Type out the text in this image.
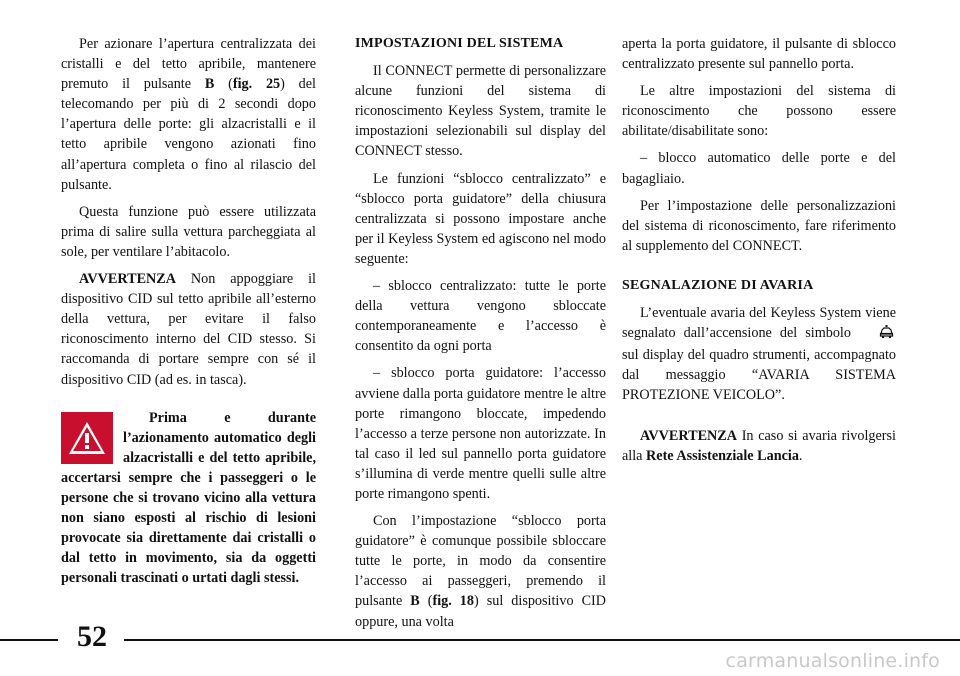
Per azionare l’apertura centralizzata dei cristalli e del tetto apribile, mantenere premuto il pulsante B (fig. 25) del telecomando per più di 2 secondi dopo l’apertura delle porte: gli alzacristalli e il tetto apribile vengono azionati fino all’apertura completa o fino al rilascio del pulsante.

Questa funzione può essere utilizzata prima di salire sulla vettura parcheggiata al sole, per ventilare l’abitacolo.

AVVERTENZA Non appoggiare il dispositivo CID sul tetto apribile all’esterno della vettura, per evitare il falso riconoscimento interno del CID stesso. Si raccomanda di portare sempre con sé il dispositivo CID (ad es. in tasca).

Prima e durante l’azionamento automatico degli alzacristalli e del tetto apribile, accertarsi sempre che i passeggeri o le persone che si trovano vicino alla vettura non siano esposti al rischio di lesioni provocate sia direttamente dai cristalli o dal tetto in movimento, sia da oggetti personali trascinati o urtati dagli stessi.

IMPOSTAZIONI DEL SISTEMA

Il CONNECT permette di personalizzare alcune funzioni del sistema di riconoscimento Keyless System, tramite le impostazioni selezionabili sul display del CONNECT stesso.

Le funzioni “sblocco centralizzato” e “sblocco porta guidatore” della chiusura centralizzata si possono impostare anche per il Keyless System ed agiscono nel modo seguente:

– sblocco centralizzato: tutte le porte della vettura vengono sbloccate contemporaneamente e l’accesso è consentito da ogni porta

– sblocco porta guidatore: l’accesso avviene dalla porta guidatore mentre le altre porte rimangono bloccate, impedendo l’accesso a terze persone non autorizzate. In tal caso il led sul pannello porta guidatore s’illumina di verde mentre quelli sulle altre porte rimangono spenti.

Con l’impostazione “sblocco porta guidatore” è comunque possibile sbloccare tutte le porte, in modo da consentire l’accesso ai passeggeri, premendo il pulsante B (fig. 18) sul dispositivo CID oppure, una volta

aperta la porta guidatore, il pulsante di sblocco centralizzato presente sul pannello porta.

Le altre impostazioni del sistema di riconoscimento che possono essere abilitate/disabilitate sono:

– blocco automatico delle porte e del bagagliaio.

Per l’impostazione delle personalizzazioni del sistema di riconoscimento, fare riferimento al supplemento del CONNECT.

SEGNALAZIONE DI AVARIA

L’eventuale avaria del Keyless System viene segnalato dall’accensione del simbolo  sul display del quadro strumenti, accompagnato dal messaggio “AVARIA SISTEMA PROTEZIONE VEICOLO”.

AVVERTENZA In caso si avaria rivolgersi alla Rete Assistenziale Lancia.

52
carmanualsonline.info
